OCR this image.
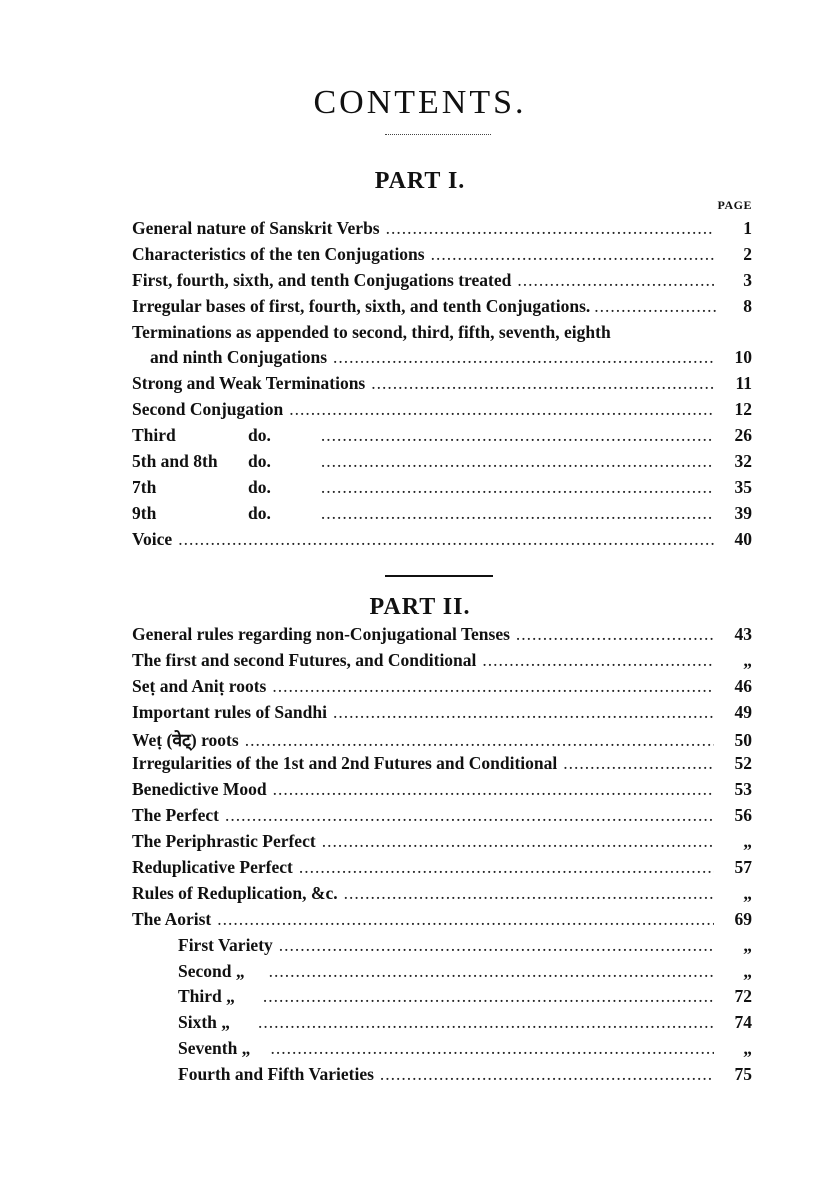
CONTENTS.
PART I.
PAGE
General nature of Sanskrit Verbs .....	1
Characteristics of the ten Conjugations .....	2
First, fourth, sixth, and tenth Conjugations treated .....	3
Irregular bases of first, fourth, sixth, and tenth Conjugations. .....	8
Terminations as appended to second, third, fifth, seventh, eighth
and ninth Conjugations .....	10
Strong and Weak Terminations .....	11
Second Conjugation .....	12
Third	do. .....	26
5th and 8th do. .....	32
7th	do. .....	35
9th	do. .....	39
Voice .....	40
PART II.
General rules regarding non-Conjugational Tenses .....	43
The first and second Futures, and Conditional .....	„
Seṭ and Aniṭ roots .....	46
Important rules of Sandhi .....	49
Weṭ (वेट्) roots .....	50
Irregularities of the 1st and 2nd Futures and Conditional .....	52
Benedictive Mood .....	53
The Perfect .....	56
The Periphrastic Perfect .....	„
Reduplicative Perfect .....	57
Rules of Reduplication, &c. .....	„
The Aorist .....	69
First Variety .....	„
Second „ .....	„
Third „ .....	72
Sixth „ .....	74
Seventh „ .....	„
Fourth and Fifth Varieties .....	75
